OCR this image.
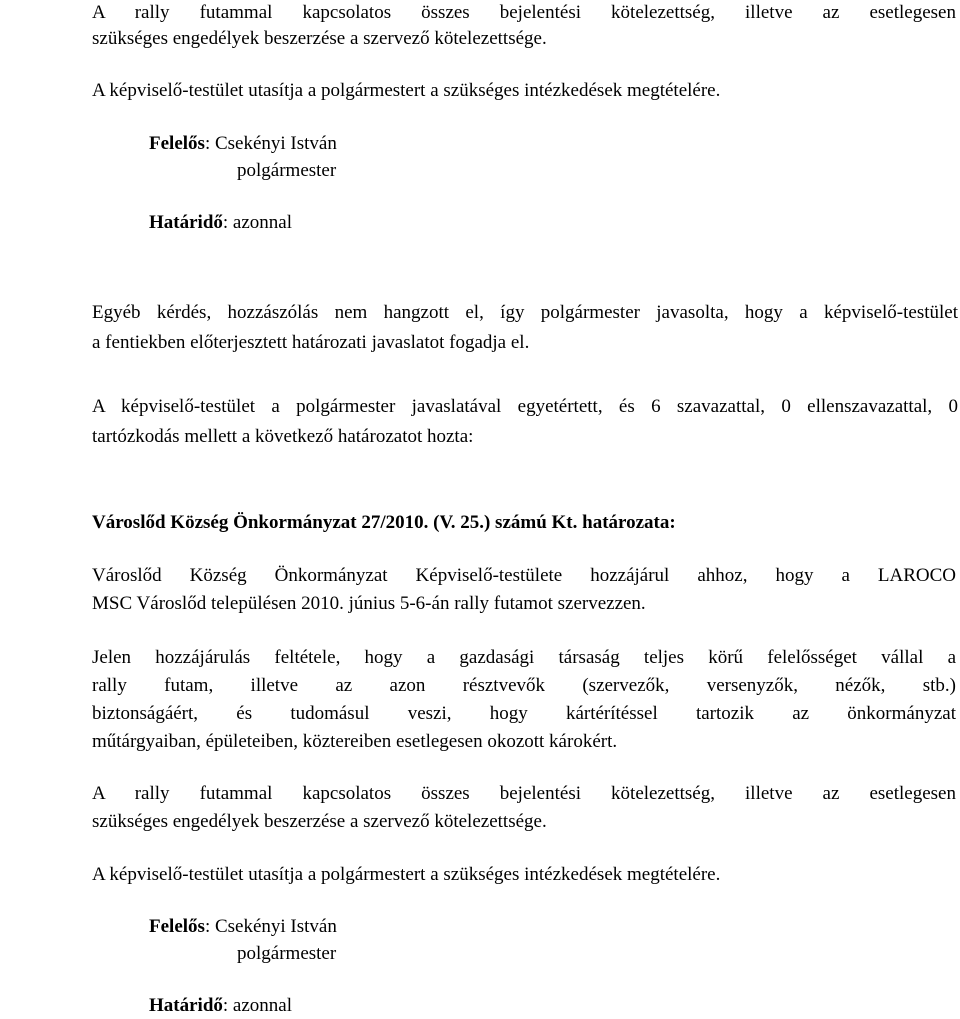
A rally futammal kapcsolatos összes bejelentési kötelezettség, illetve az esetlegesen
szükséges engedélyek beszerzése a szervező kötelezettsége.
A képviselő-testület utasítja a polgármestert a szükséges intézkedések megtételére.
Felelős: Csekényi István
polgármester
Határidő: azonnal
Egyéb kérdés, hozzászólás nem hangzott el, így polgármester javasolta, hogy a képviselő-testület
a fentiekben előterjesztett határozati javaslatot fogadja el.
A képviselő-testület a polgármester javaslatával egyetértett, és 6 szavazattal, 0 ellenszavazattal, 0
tartózkodás mellett a következő határozatot hozta:
Városlőd Község Önkormányzat 27/2010. (V. 25.) számú Kt. határozata:
Városlőd Község Önkormányzat Képviselő-testülete hozzájárul ahhoz, hogy a LAROCO
MSC Városlőd településen 2010. június 5-6-án rally futamot szervezzen.
Jelen hozzájárulás feltétele, hogy a gazdasági társaság teljes körű felelősséget vállal a
rally futam, illetve az azon résztvevők (szervezők, versenyzők, nézők, stb.)
biztonságáért, és tudomásul veszi, hogy kártérítéssel tartozik az önkormányzat
műtárgyaiban, épületeiben, köztereiben esetlegesen okozott károkért.
A rally futammal kapcsolatos összes bejelentési kötelezettség, illetve az esetlegesen
szükséges engedélyek beszerzése a szervező kötelezettsége.
A képviselő-testület utasítja a polgármestert a szükséges intézkedések megtételére.
Felelős: Csekényi István
polgármester
Határidő: azonnal
